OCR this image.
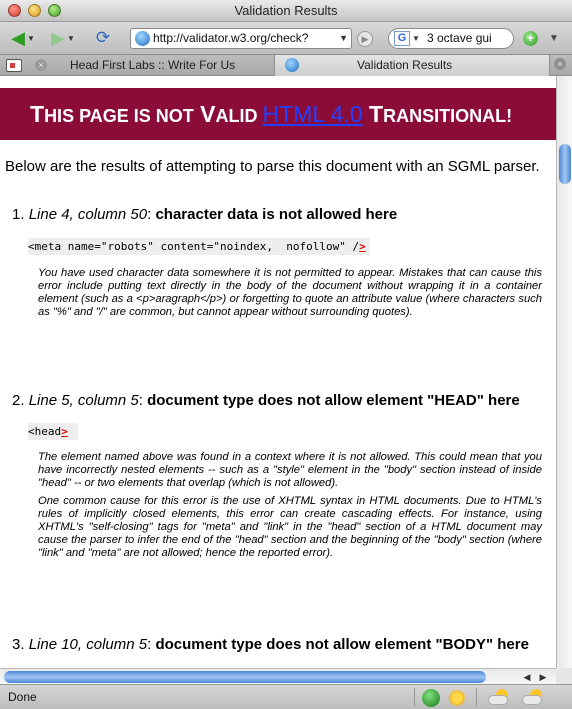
Validation Results
◀ ▼ ▶ ▼ ⟳	http://validator.w3.org/check?	▼	▶	G ▼ 3 octave gui	+	▼
× Head First Labs :: Write For Us	Validation Results	×
THIS PAGE IS NOT VALID HTML 4.0 TRANSITIONAL!
Below are the results of attempting to parse this document with an SGML parser.
1. Line 4, column 50: character data is not allowed here
<meta name="robots" content="noindex,  nofollow" />
You have used character data somewhere it is not permitted to appear. Mistakes that can cause this error include putting text directly in the body of the document without wrapping it in a container element (such as a <p>aragraph</p>) or forgetting to quote an attribute value (where characters such as "%" and "/" are common, but cannot appear without surrounding quotes).
2. Line 5, column 5: document type does not allow element "HEAD" here
<head>
The element named above was found in a context where it is not allowed. This could mean that you have incorrectly nested elements -- such as a "style" element in the "body" section instead of inside "head" -- or two elements that overlap (which is not allowed).
One common cause for this error is the use of XHTML syntax in HTML documents. Due to HTML's rules of implicitly closed elements, this error can create cascading effects. For instance, using XHTML's "self-closing" tags for "meta" and "link" in the "head" section of a HTML document may cause the parser to infer the end of the "head" section and the beginning of the "body" section (where "link" and "meta" are not allowed; hence the reported error).
3. Line 10, column 5: document type does not allow element "BODY" here
◀	▶
Done
